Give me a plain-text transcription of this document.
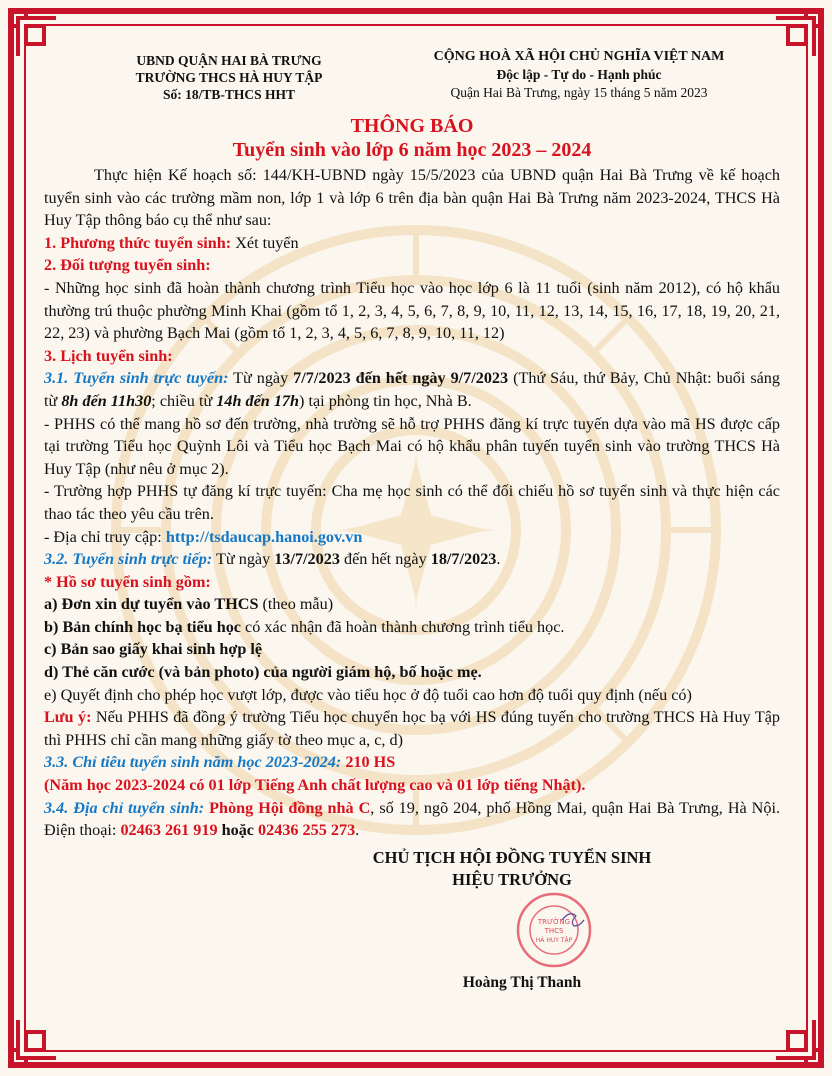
UBND QUẬN HAI BÀ TRƯNG
TRƯỜNG THCS HÀ HUY TẬP
Số: 18/TB-THCS HHT
CỘNG HOÀ XÃ HỘI CHỦ NGHĨA VIỆT NAM
Độc lập - Tự do - Hạnh phúc
Quận Hai Bà Trưng, ngày 15 tháng 5 năm 2023
THÔNG BÁO
Tuyển sinh vào lớp 6 năm học 2023 – 2024

Thực hiện Kế hoạch số: 144/KH-UBND ngày 15/5/2023 của UBND quận Hai Bà Trưng về kế hoạch tuyển sinh vào các trường mầm non, lớp 1 và lớp 6 trên địa bàn quận Hai Bà Trưng năm 2023-2024, THCS Hà Huy Tập thông báo cụ thể như sau:

1. Phương thức tuyển sinh: Xét tuyển

2. Đối tượng tuyển sinh:

- Những học sinh đã hoàn thành chương trình Tiểu học vào học lớp 6 là 11 tuổi (sinh năm 2012), có hộ khẩu thường trú thuộc phường Minh Khai (gồm tổ 1, 2, 3, 4, 5, 6, 7, 8, 9, 10, 11, 12, 13, 14, 15, 16, 17, 18, 19, 20, 21, 22, 23) và phường Bạch Mai (gồm tổ 1, 2, 3, 4, 5, 6, 7, 8, 9, 10, 11, 12)

3. Lịch tuyển sinh:

3.1. Tuyển sinh trực tuyến: Từ ngày 7/7/2023 đến hết ngày 9/7/2023 (Thứ Sáu, thứ Bảy, Chủ Nhật: buổi sáng từ 8h đến 11h30; chiều từ 14h đến 17h) tại phòng tin học, Nhà B.

- PHHS có thể mang hồ sơ đến trường, nhà trường sẽ hỗ trợ PHHS đăng kí trực tuyến dựa vào mã HS được cấp tại trường Tiểu học Quỳnh Lôi và Tiểu học Bạch Mai có hộ khẩu phân tuyến tuyển sinh vào trường THCS Hà Huy Tập (như nêu ở mục 2).

- Trường hợp PHHS tự đăng kí trực tuyến: Cha mẹ học sinh có thể đối chiếu hồ sơ tuyển sinh và thực hiện các thao tác theo yêu cầu trên.

- Địa chỉ truy cập: http://tsdaucap.hanoi.gov.vn

3.2. Tuyển sinh trực tiếp: Từ ngày 13/7/2023 đến hết ngày 18/7/2023.

* Hồ sơ tuyển sinh gồm:

a) Đơn xin dự tuyển vào THCS (theo mẫu)

b) Bản chính học bạ tiểu học có xác nhận đã hoàn thành chương trình tiểu học.

c) Bản sao giấy khai sinh hợp lệ

d) Thẻ căn cước (và bản photo) của người giám hộ, bố hoặc mẹ.

e) Quyết định cho phép học vượt lớp, được vào tiểu học ở độ tuổi cao hơn độ tuổi quy định (nếu có)

Lưu ý: Nếu PHHS đã đồng ý trường Tiểu học chuyển học bạ với HS đúng tuyến cho trường THCS Hà Huy Tập thì PHHS chỉ cần mang những giấy tờ theo mục a, c, d)

3.3. Chỉ tiêu tuyển sinh năm học 2023-2024: 210 HS

(Năm học 2023-2024 có 01 lớp Tiếng Anh chất lượng cao và 01 lớp tiếng Nhật).

3.4. Địa chỉ tuyển sinh: Phòng Hội đồng nhà C, số 19, ngõ 204, phố Hồng Mai, quận Hai Bà Trưng, Hà Nội. Điện thoại: 02463 261 919 hoặc 02436 255 273.

CHỦ TỊCH HỘI ĐỒNG TUYỂN SINH
HIỆU TRƯỞNG
TRƯỜNG
THCS
HÀ HUY TẬP
Hoàng Thị Thanh
